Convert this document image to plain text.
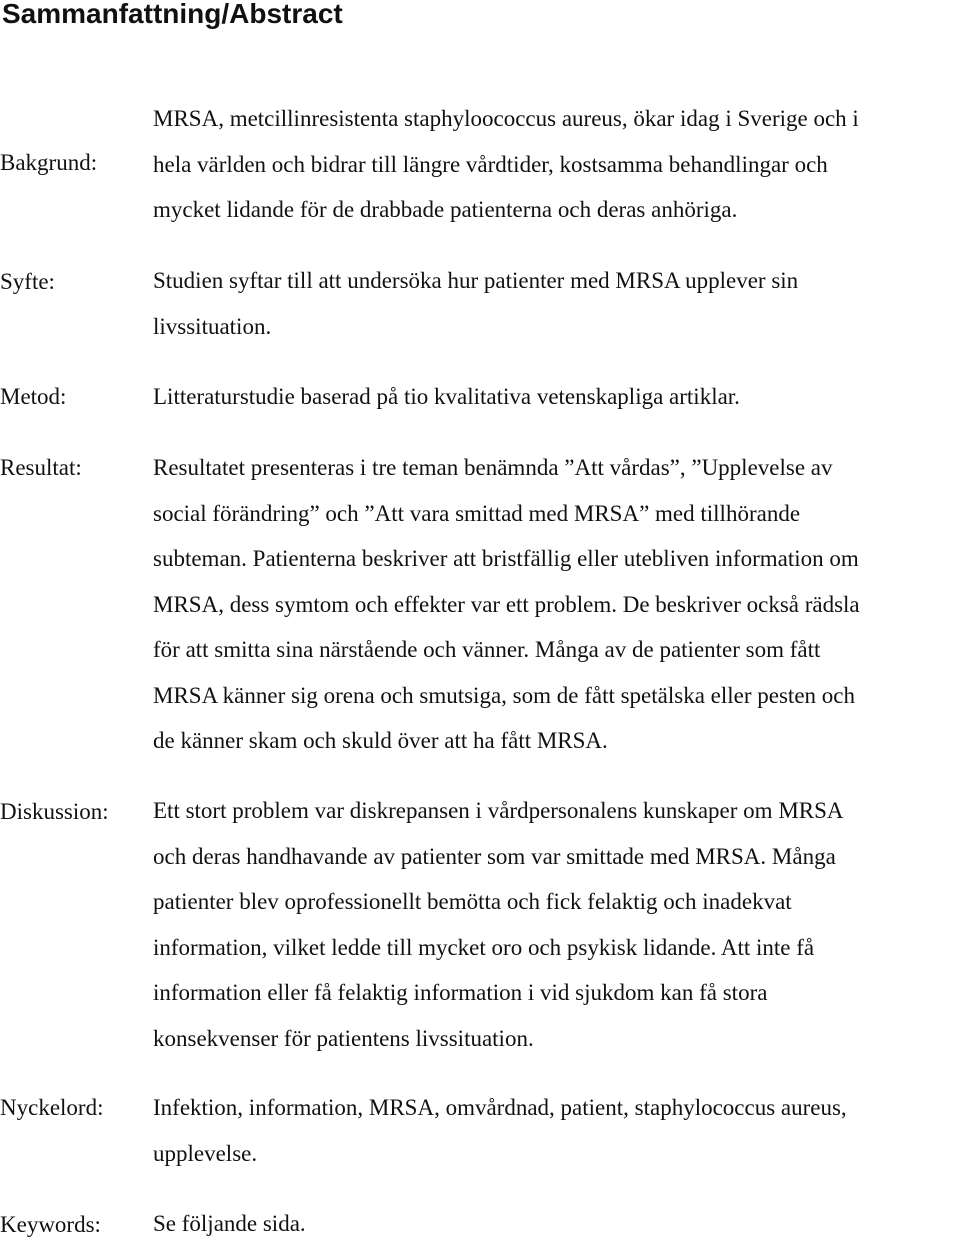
Sammanfattning/Abstract
Bakgrund:
MRSA, metcillinresistenta staphyloococcus aureus, ökar idag i Sverige och i
hela världen och bidrar till längre vårdtider, kostsamma behandlingar och
mycket lidande för de drabbade patienterna och deras anhöriga.
Syfte:	Studien syftar till att undersöka hur patienter med MRSA upplever sin
livssituation.
Metod:	Litteraturstudie baserad på tio kvalitativa vetenskapliga artiklar.
Resultat:	Resultatet presenteras i tre teman benämnda ”Att vårdas”, ”Upplevelse av
social förändring” och ”Att vara smittad med MRSA” med tillhörande
subteman. Patienterna beskriver att bristfällig eller utebliven information om
MRSA, dess symtom och effekter var ett problem. De beskriver också rädsla
för att smitta sina närstående och vänner. Många av de patienter som fått
MRSA känner sig orena och smutsiga, som de fått spetälska eller pesten och
de känner skam och skuld över att ha fått MRSA.
Diskussion: Ett stort problem var diskrepansen i vårdpersonalens kunskaper om MRSA
och deras handhavande av patienter som var smittade med MRSA. Många
patienter blev oprofessionellt bemötta och fick felaktig och inadekvat
information, vilket ledde till mycket oro och psykisk lidande. Att inte få
information eller få felaktig information i vid sjukdom kan få stora
konsekvenser för patientens livssituation.
Nyckelord: Infektion, information, MRSA, omvårdnad, patient, staphylococcus aureus,
upplevelse.
Keywords: Se följande sida.
